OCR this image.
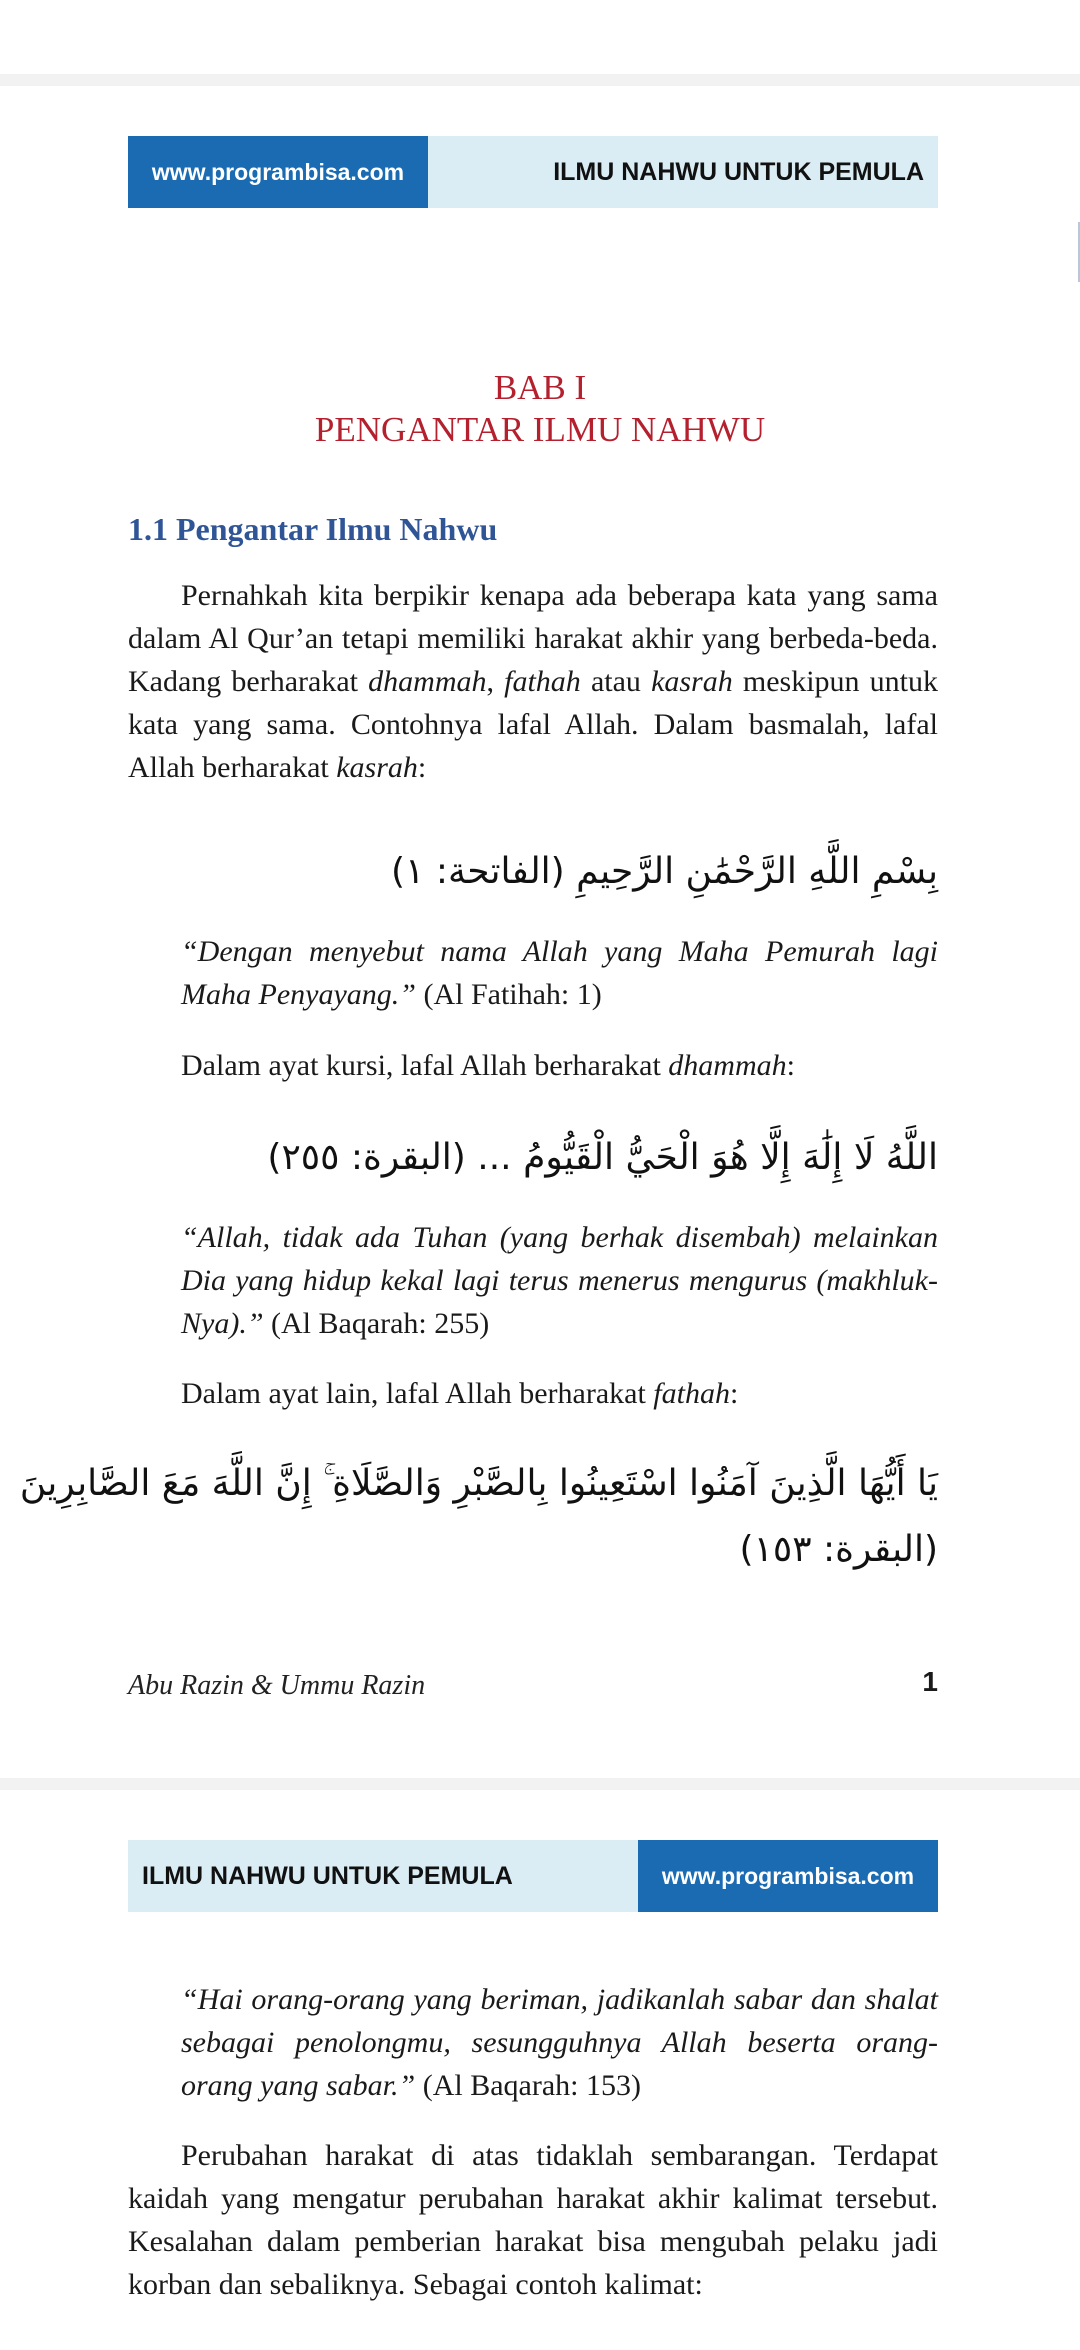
www.programbisa.com	ILMU NAHWU UNTUK PEMULA
BAB I
PENGANTAR ILMU NAHWU
1.1 Pengantar Ilmu Nahwu
Pernahkah kita berpikir kenapa ada beberapa kata yang sama dalam Al Qur’an tetapi memiliki harakat akhir yang berbeda-beda. Kadang berharakat dhammah, fathah atau kasrah meskipun untuk kata yang sama. Contohnya lafal Allah. Dalam basmalah, lafal Allah berharakat kasrah:
بِسْمِ اللَّهِ الرَّحْمَٰنِ الرَّحِيمِ (الفاتحة: ١)
“Dengan menyebut nama Allah yang Maha Pemurah lagi Maha Penyayang.” (Al Fatihah: 1)
Dalam ayat kursi, lafal Allah berharakat dhammah:
اللَّهُ لَا إِلَٰهَ إِلَّا هُوَ الْحَيُّ الْقَيُّومُ ... (البقرة: ٢٥٥)
“Allah, tidak ada Tuhan (yang berhak disembah) melainkan Dia yang hidup kekal lagi terus menerus mengurus (makhluk-Nya).” (Al Baqarah: 255)
Dalam ayat lain, lafal Allah berharakat fathah:
يَا أَيُّهَا الَّذِينَ آمَنُوا اسْتَعِينُوا بِالصَّبْرِ وَالصَّلَاةِ ۚ إِنَّ اللَّهَ مَعَ الصَّابِرِينَ
(البقرة: ١٥٣)
Abu Razin & Ummu Razin	1
ILMU NAHWU UNTUK PEMULA	www.programbisa.com
“Hai orang-orang yang beriman, jadikanlah sabar dan shalat sebagai penolongmu, sesungguhnya Allah beserta orang-orang yang sabar.” (Al Baqarah: 153)
Perubahan harakat di atas tidaklah sembarangan. Terdapat kaidah yang mengatur perubahan harakat akhir kalimat tersebut. Kesalahan dalam pemberian harakat bisa mengubah pelaku jadi korban dan sebaliknya. Sebagai contoh kalimat:
